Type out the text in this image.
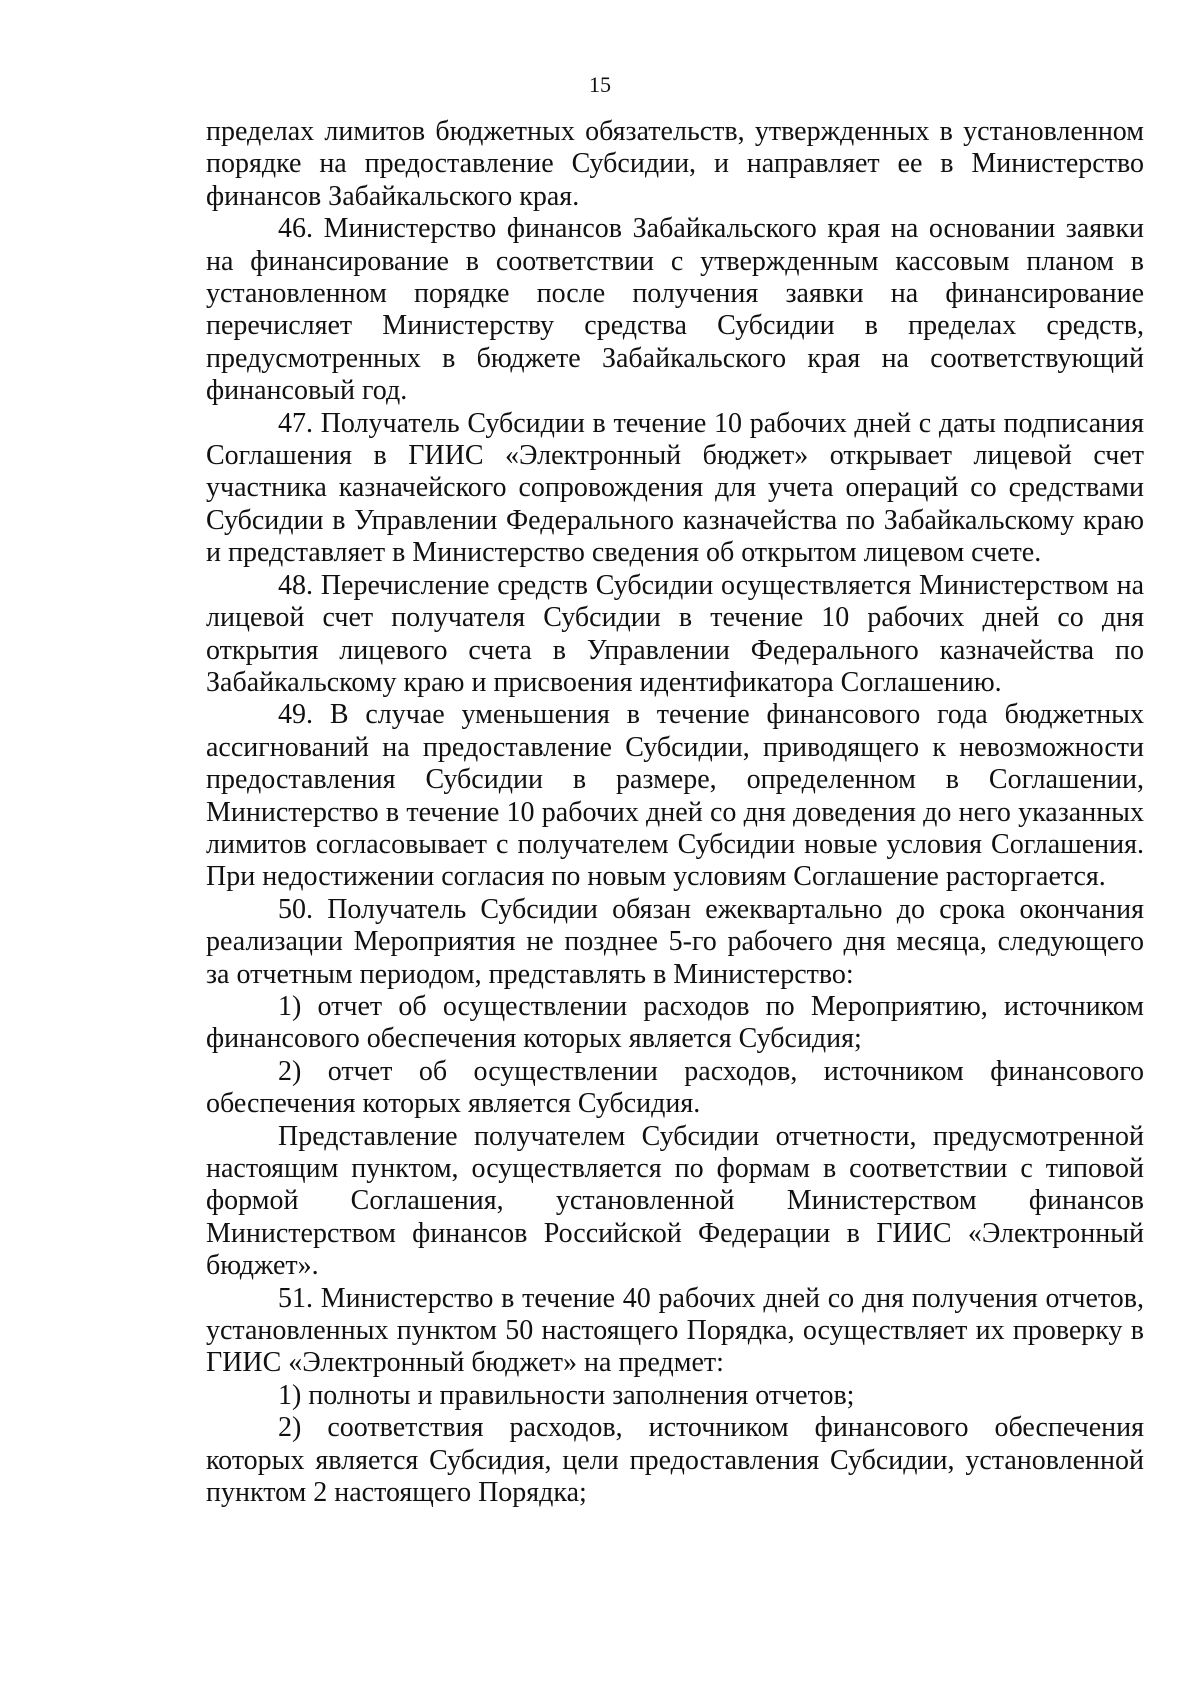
15

пределах лимитов бюджетных обязательств, утвержденных в установленном порядке на предоставление Субсидии, и направляет ее в Министерство финансов Забайкальского края.

46. Министерство финансов Забайкальского края на основании заявки на финансирование в соответствии с утвержденным кассовым планом в установленном порядке после получения заявки на финансирование перечисляет Министерству средства Субсидии в пределах средств, предусмотренных в бюджете Забайкальского края на соответствующий финансовый год.

47. Получатель Субсидии в течение 10 рабочих дней с даты подписания Соглашения в ГИИС «Электронный бюджет» открывает лицевой счет участника казначейского сопровождения для учета операций со средствами Субсидии в Управлении Федерального казначейства по Забайкальскому краю и представляет в Министерство сведения об открытом лицевом счете.

48. Перечисление средств Субсидии осуществляется Министерством на лицевой счет получателя Субсидии в течение 10 рабочих дней со дня открытия лицевого счета в Управлении Федерального казначейства по Забайкальскому краю и присвоения идентификатора Соглашению.

49. В случае уменьшения в течение финансового года бюджетных ассигнований на предоставление Субсидии, приводящего к невозможности предоставления Субсидии в размере, определенном в Соглашении, Министерство в течение 10 рабочих дней со дня доведения до него указанных лимитов согласовывает с получателем Субсидии новые условия Соглашения. При недостижении согласия по новым условиям Соглашение расторгается.

50. Получатель Субсидии обязан ежеквартально до срока окончания реализации Мероприятия не позднее 5-го рабочего дня месяца, следующего за отчетным периодом, представлять в Министерство:

1) отчет об осуществлении расходов по Мероприятию, источником финансового обеспечения которых является Субсидия;

2) отчет об осуществлении расходов, источником финансового обеспечения которых является Субсидия.

Представление получателем Субсидии отчетности, предусмотренной настоящим пунктом, осуществляется по формам в соответствии с типовой формой Соглашения, установленной Министерством финансов Министерством финансов Российской Федерации в ГИИС «Электронный бюджет».

51. Министерство в течение 40 рабочих дней со дня получения отчетов, установленных пунктом 50 настоящего Порядка, осуществляет их проверку в ГИИС «Электронный бюджет» на предмет:

1) полноты и правильности заполнения отчетов;

2) соответствия расходов, источником финансового обеспечения которых является Субсидия, цели предоставления Субсидии, установленной пунктом 2 настоящего Порядка;
